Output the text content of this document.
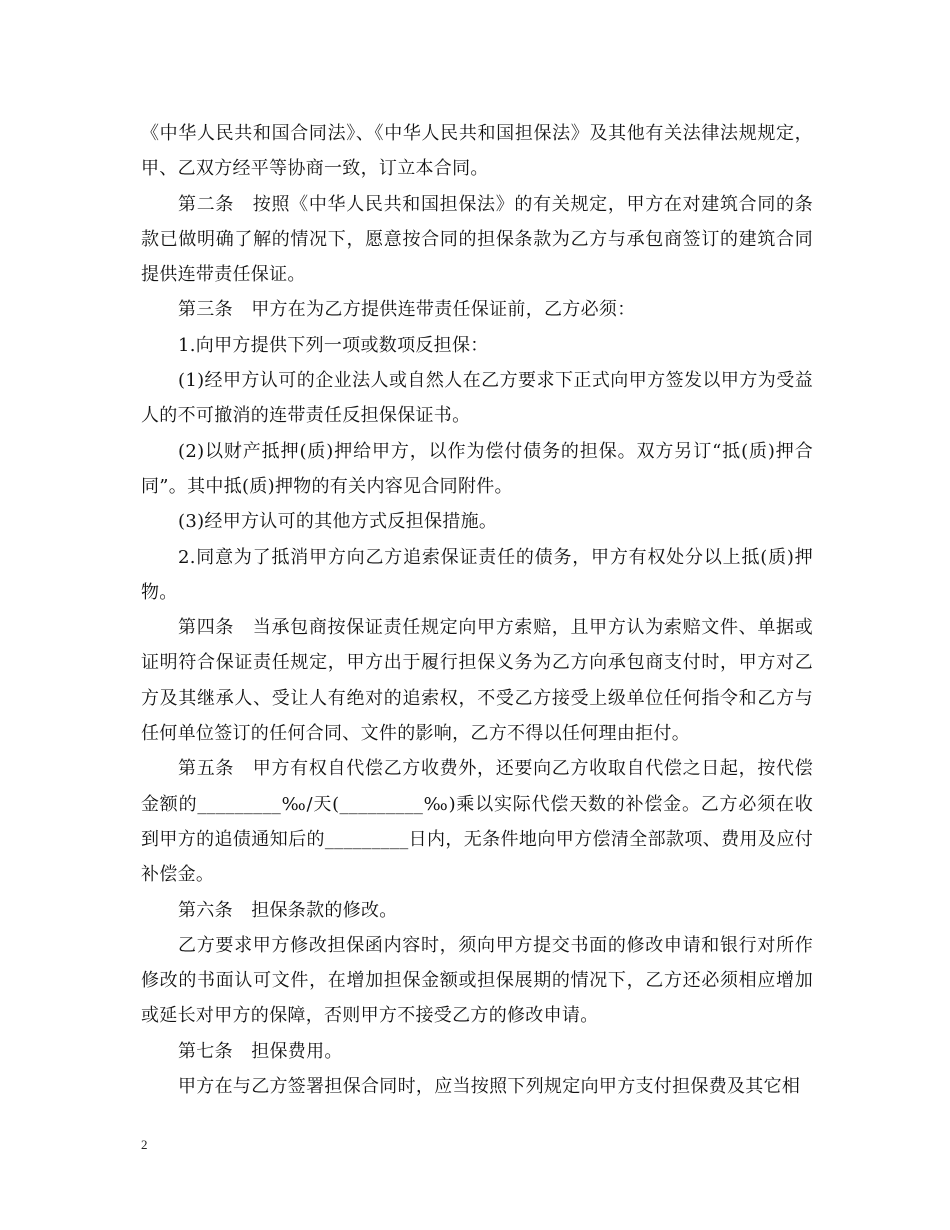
《中华人民共和国合同法》、《中华人民共和国担保法》及其他有关法律法规规定，甲、乙双方经平等协商一致，订立本合同。

第二条　按照《中华人民共和国担保法》的有关规定，甲方在对建筑合同的条款已做明确了解的情况下，愿意按合同的担保条款为乙方与承包商签订的建筑合同提供连带责任保证。

第三条　甲方在为乙方提供连带责任保证前，乙方必须：

1.向甲方提供下列一项或数项反担保：

(1)经甲方认可的企业法人或自然人在乙方要求下正式向甲方签发以甲方为受益人的不可撤消的连带责任反担保保证书。

(2)以财产抵押(质)押给甲方，以作为偿付债务的担保。双方另订“抵(质)押合同”。其中抵(质)押物的有关内容见合同附件。

(3)经甲方认可的其他方式反担保措施。

2.同意为了抵消甲方向乙方追索保证责任的债务，甲方有权处分以上抵(质)押物。

第四条　当承包商按保证责任规定向甲方索赔，且甲方认为索赔文件、单据或证明符合保证责任规定，甲方出于履行担保义务为乙方向承包商支付时，甲方对乙方及其继承人、受让人有绝对的追索权，不受乙方接受上级单位任何指令和乙方与任何单位签订的任何合同、文件的影响，乙方不得以任何理由拒付。

第五条　甲方有权自代偿乙方收费外，还要向乙方收取自代偿之日起，按代偿金额的_________‰/天(_________‰)乘以实际代偿天数的补偿金。乙方必须在收到甲方的追债通知后的_________日内，无条件地向甲方偿清全部款项、费用及应付补偿金。

第六条　担保条款的修改。

乙方要求甲方修改担保函内容时，须向甲方提交书面的修改申请和银行对所作修改的书面认可文件，在增加担保金额或担保展期的情况下，乙方还必须相应增加或延长对甲方的保障，否则甲方不接受乙方的修改申请。

第七条　担保费用。

甲方在与乙方签署担保合同时，应当按照下列规定向甲方支付担保费及其它相

2
